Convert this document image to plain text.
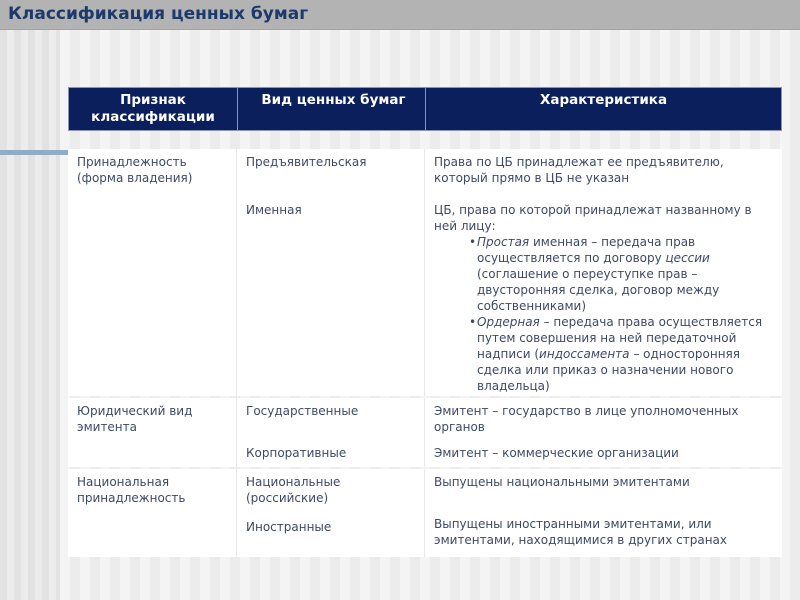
Классификация ценных бумаг
Признак классификации
Вид ценных бумаг	Характеристика

Принадлежность (форма владения)

Предъявительская

Именная

Права по ЦБ принадлежат ее предъявителю, который прямо в ЦБ не указан

ЦБ, права по которой принадлежат названному в ней лицу:

• Простая именная – передача прав осуществляется по договору цессии (соглашение о переуступке прав – двусторонняя сделка, договор между собственниками)
• Ордерная – передача права осуществляется путем совершения на ней передаточной надписи (индоссамента – односторонняя сделка или приказ о назначении нового владельца)

Юридический вид эмитента

Государственные

Корпоративные

Эмитент – государство в лице уполномоченных органов

Эмитент – коммерческие организации

Национальная принадлежность

Национальные (российские)

Иностранные

Выпущены национальными эмитентами

Выпущены иностранными эмитентами, или эмитентами, находящимися в других странах
